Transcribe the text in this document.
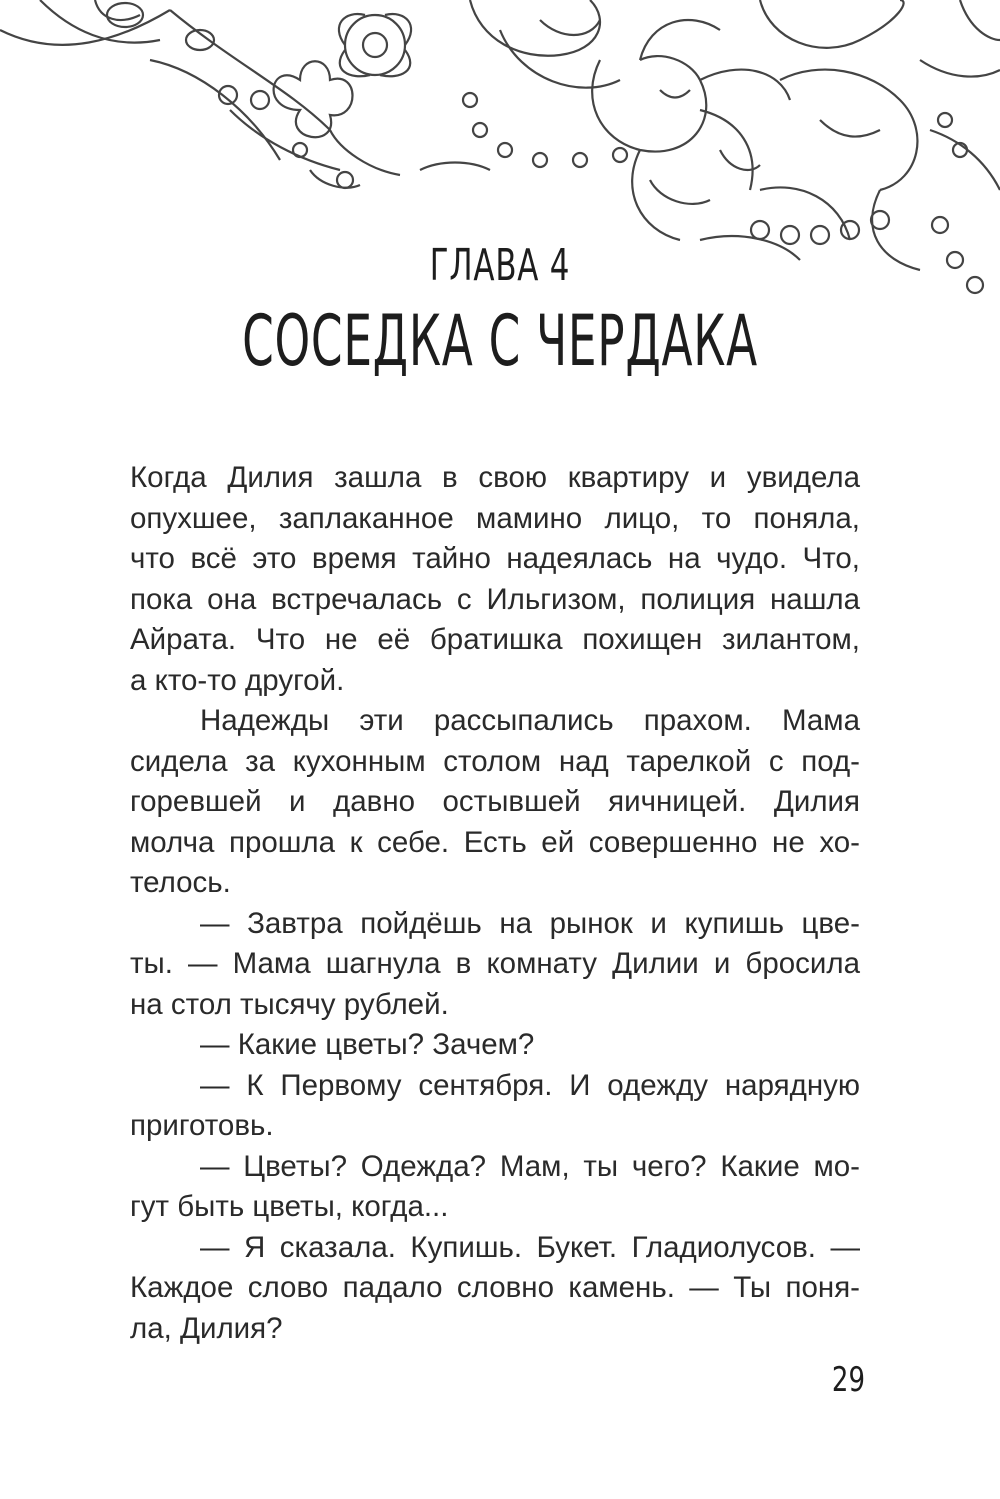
ГЛАВА 4
СОСЕДКА С ЧЕРДАКА
Когда Дилия зашла в свою квартиру и увидела
опухшее, заплаканное мамино лицо, то поняла,
что всё это время тайно надеялась на чудо. Что,
пока она встречалась с Ильгизом, полиция нашла
Айрата. Что не её братишка похищен зилантом,
а кто-то другой.
Надежды эти рассыпались прахом. Мама
сидела за кухонным столом над тарелкой с под-
горевшей и давно остывшей яичницей. Дилия
молча прошла к себе. Есть ей совершенно не хо-
телось.
— Завтра пойдёшь на рынок и купишь цве-
ты. — Мама шагнула в комнату Дилии и бросила
на стол тысячу рублей.
— Какие цветы? Зачем?
— К Первому сентября. И одежду нарядную
приготовь.
— Цветы? Одежда? Мам, ты чего? Какие мо-
гут быть цветы, когда...
— Я сказала. Купишь. Букет. Гладиолусов. —
Каждое слово падало словно камень. — Ты поня-
ла, Дилия?
29
